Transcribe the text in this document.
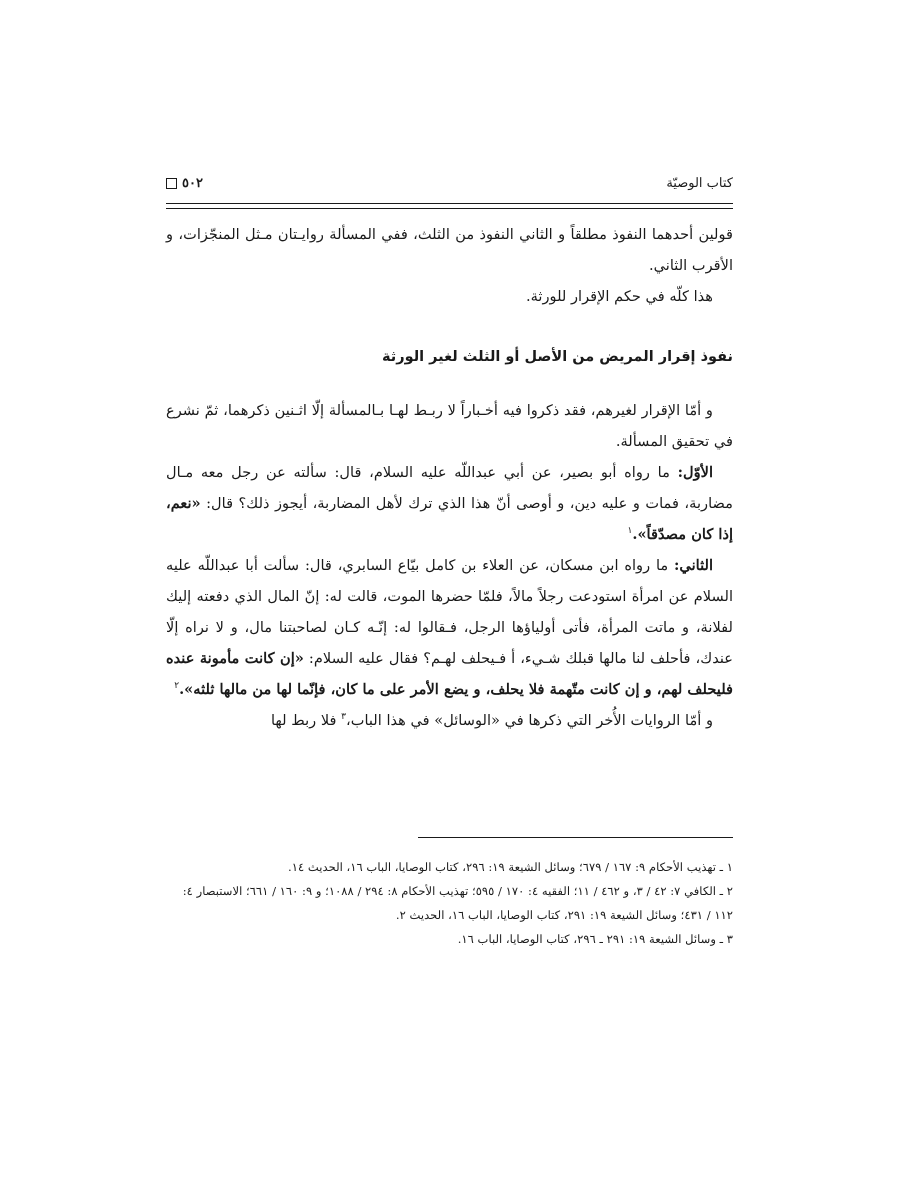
كتاب الوصيّة
٥٠٢

قولين أحدهما النفوذ مطلقاً و الثاني النفوذ من الثلث، ففي المسألة روايـتان مـثل المنجّزات، و الأقرب الثاني.

هذا كلّه في حكم الإقرار للورثة.

نفوذ إقرار المريض من الأصل أو الثلث لغير الورثة

و أمّا الإقرار لغيرهم، فقد ذكروا فيه أخـباراً لا ربـط لهـا بـالمسألة إلّا اثـنين ذكرهما، ثمّ نشرع في تحقيق المسألة.

الأوّل: ما رواه أبو بصير، عن أبي عبداللّه عليه السلام، قال: سألته عن رجل معه مـال مضاربة، فمات و عليه دين، و أوصى أنّ هذا الذي ترك لأهل المضاربة، أيجوز ذلك؟ قال: «نعم، إذا كان مصدّقاً».$^١$

الثاني: ما رواه ابن مسكان، عن العلاء بن كامل بيّاع السابري، قال: سألت أبا عبداللّه عليه السلام عن امرأة استودعت رجلاً مالاً، فلمّا حضرها الموت، قالت له: إنّ المال الذي دفعته إليك لفلانة، و ماتت المرأة، فأتى أولياؤها الرجل، فـقالوا له: إنّـه كـان لصاحبتنا مال، و لا نراه إلّا عندك، فأحلف لنا مالها قبلك شـيء، أ فـيحلف لهـم؟ فقال عليه السلام: «إن كانت مأمونة عنده فليحلف لهم، و إن كانت متّهمة فلا يحلف، و يضع الأمر على ما كان، فإنّما لها من مالها ثلثه».$^٢$

و أمّا الروايات الأُخر التي ذكرها في «الوسائل» في هذا الباب،$^٣$ فلا ربط لها

١ ـ تهذيب الأحكام ٩: ١٦٧ / ٦٧٩؛ وسائل الشيعة ١٩: ٢٩٦، كتاب الوصايا، الباب ١٦، الحديث ١٤.

٢ ـ الكافي ٧: ٤٢ / ٣، و ٤٦٢ / ١١؛ الفقيه ٤: ١٧٠ / ٥٩٥؛ تهذيب الأحكام ٨: ٢٩٤ / ١٠٨٨؛ و ٩: ١٦٠ / ٦٦١؛ الاستبصار ٤: ١١٢ / ٤٣١؛ وسائل الشيعة ١٩: ٢٩١، كتاب الوصايا، الباب ١٦، الحديث ٢.

٣ ـ وسائل الشيعة ١٩: ٢٩١ ـ ٢٩٦، كتاب الوصايا، الباب ١٦.
